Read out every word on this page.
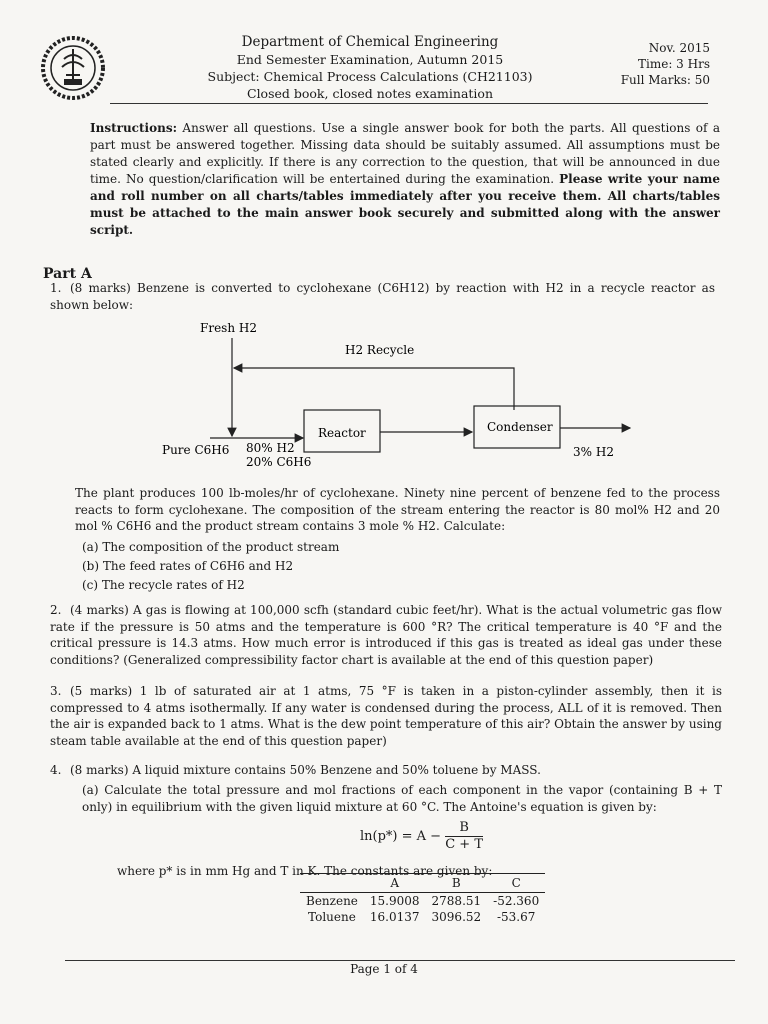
Department of Chemical Engineering
End Semester Examination, Autumn 2015
Subject: Chemical Process Calculations (CH21103)
Closed book, closed notes examination
Nov. 2015
Time: 3 Hrs
Full Marks: 50
Instructions: Answer all questions. Use a single answer book for both the parts. All questions of a part must be answered together. Missing data should be suitably assumed. All assumptions must be stated clearly and explicitly. If there is any correction to the question, that will be announced in due time. No question/clarification will be entertained during the examination. Please write your name and roll number on all charts/tables immediately after you receive them. All charts/tables must be attached to the main answer book securely and submitted along with the answer script.
Part A
1. (8 marks) Benzene is converted to cyclohexane (C6H12) by reaction with H2 in a recycle reactor as shown below:
Fresh H2
H2 Recycle
Pure C6H6 80% H2
20% C6H6
Reactor	Condenser
3% H2
The plant produces 100 lb-moles/hr of cyclohexane. Ninety nine percent of benzene fed to the process reacts to form cyclohexane. The composition of the stream entering the reactor is 80 mol% H2 and 20 mol % C6H6 and the product stream contains 3 mole % H2. Calculate:
(a) The composition of the product stream
(b) The feed rates of C6H6 and H2
(c) The recycle rates of H2
2. (4 marks) A gas is flowing at 100,000 scfh (standard cubic feet/hr). What is the actual volumetric gas flow rate if the pressure is 50 atms and the temperature is 600 °R? The critical temperature is 40 °F and the critical pressure is 14.3 atms. How much error is introduced if this gas is treated as ideal gas under these conditions? (Generalized compressibility factor chart is available at the end of this question paper)
3. (5 marks) 1 lb of saturated air at 1 atms, 75 °F is taken in a piston-cylinder assembly, then it is compressed to 4 atms isothermally. If any water is condensed during the process, ALL of it is removed. Then the air is expanded back to 1 atms. What is the dew point temperature of this air? Obtain the answer by using steam table available at the end of this question paper)
4. (8 marks) A liquid mixture contains 50% Benzene and 50% toluene by MASS.
(a) Calculate the total pressure and mol fractions of each component in the vapor (containing B + T only) in equilibrium with the given liquid mixture at 60 °C. The Antoine's equation is given by:
$\ln(p*) = A - \frac{B}{C + T}$
where p* is in mm Hg and T in K. The constants are given by:
	A	B	C
Benzene	15.9008	2788.51	-52.360
Toluene	16.0137	3096.52	-53.67
Page 1 of 4
